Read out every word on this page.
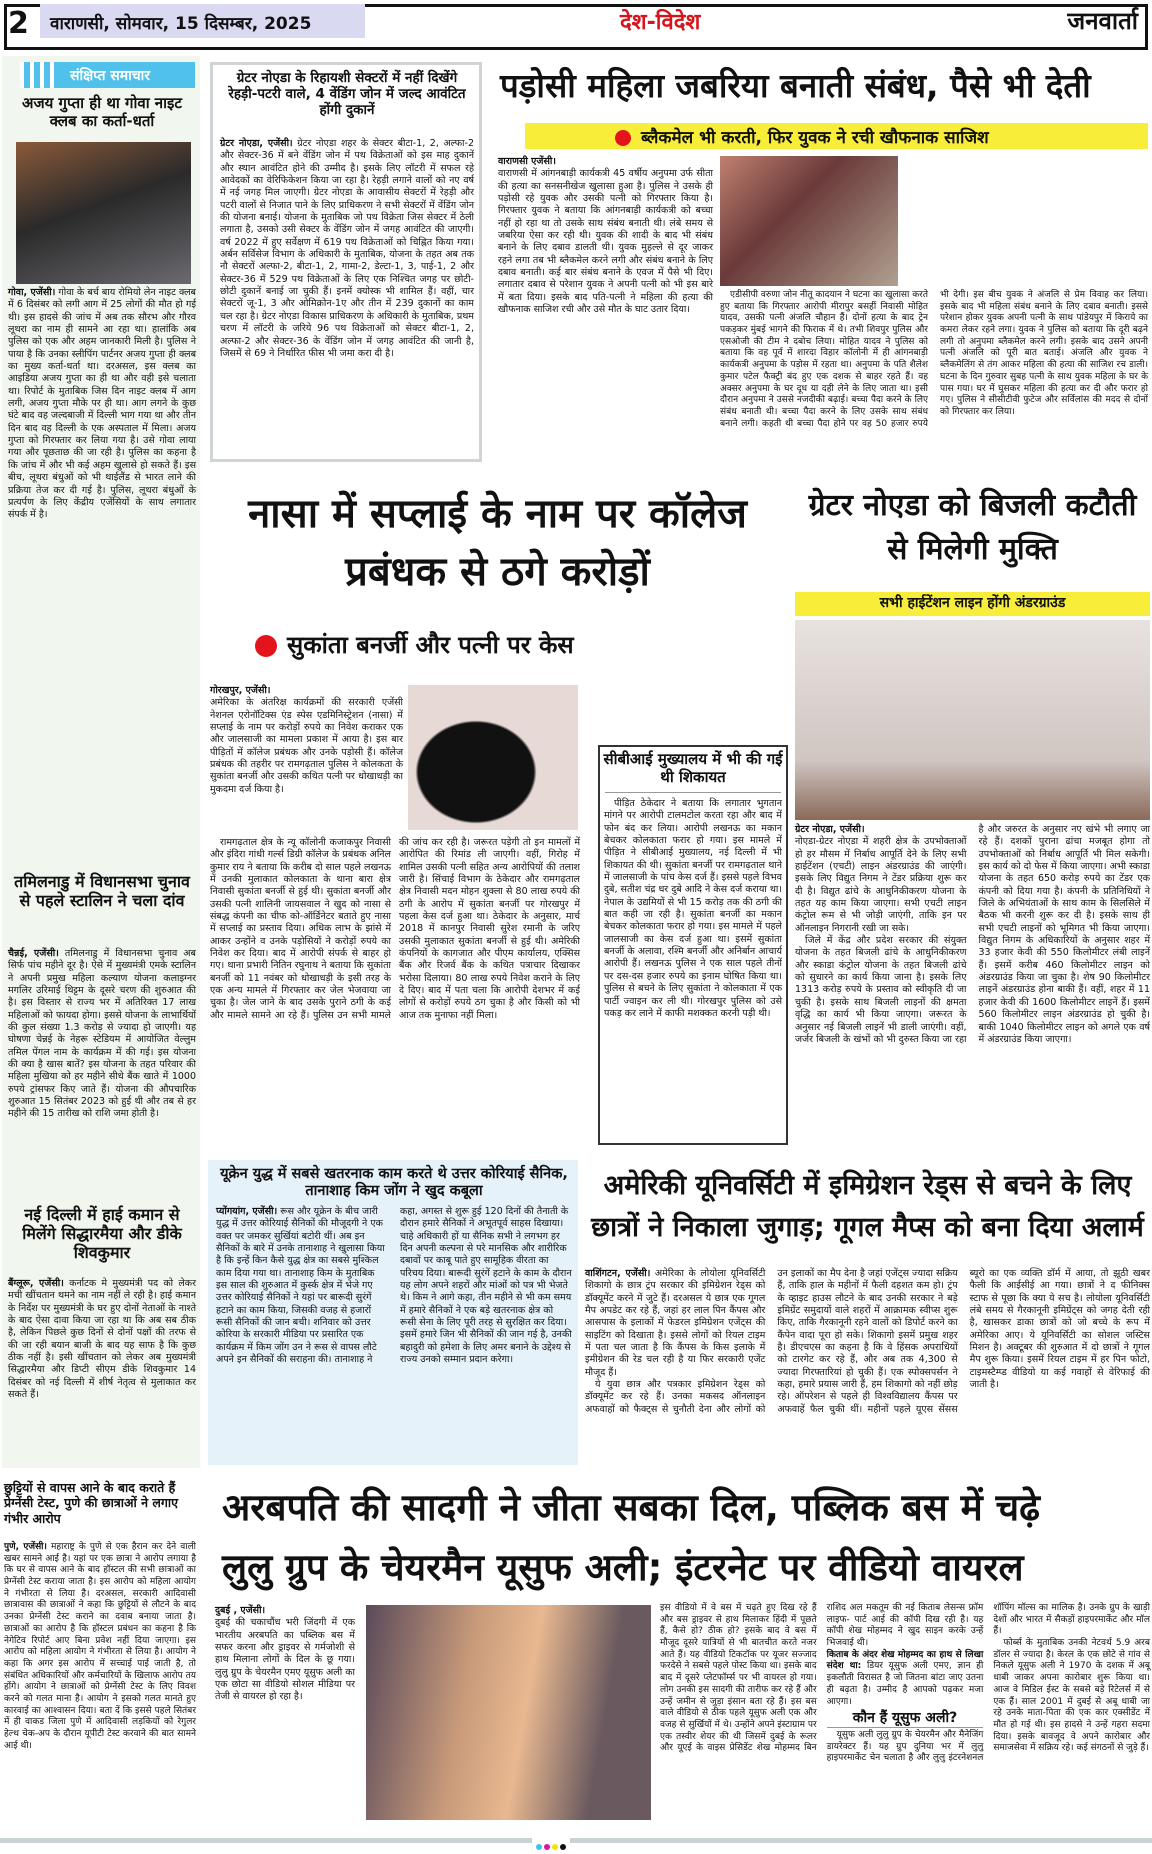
2	वाराणसी, सोमवार, 15 दिसम्बर, 2025	देश-विदेश	जनवार्ता
संक्षिप्त समाचार
अजय गुप्ता ही था गोवा नाइट क्लब का कर्ता-धर्ता

गोवा, एजेंसी। गोवा के बर्च बाय रोमियो लेन नाइट क्लब में 6 दिसंबर को लगी आग में 25 लोगों की मौत हो गई थी। इस हादसे की जांच में अब तक सौरभ और गौरव लूथरा का नाम ही सामने आ रहा था। हालांकि अब पुलिस को एक और अहम जानकारी मिली है। पुलिस ने पाया है कि उनका स्लीपिंग पार्टनर अजय गुप्ता ही क्लब का मुख्य कर्ता-धर्ता था। दरअसल, इस क्लब का आइडिया अजय गुप्ता का ही था और वही इसे चलाता था। रिपोर्ट के मुताबिक जिस दिन नाइट क्लब में आग लगी, अजय गुप्ता मौके पर ही था। आग लगने के कुछ घंटे बाद वह जल्दबाजी में दिल्ली भाग गया था और तीन दिन बाद वह दिल्ली के एक अस्पताल में मिला। अजय गुप्ता को गिरफ्तार कर लिया गया है। उसे गोवा लाया गया और पूछताछ की जा रही है। पुलिस का कहना है कि जांच में और भी कई अहम खुलासे हो सकते हैं। इस बीच, लूथरा बंधुओं को भी थाईलैंड से भारत लाने की प्रक्रिया तेज कर दी गई है। पुलिस, लूथरा बंधुओं के प्रत्यर्पण के लिए केंद्रीय एजेंसियों के साथ लगातार संपर्क में है।

तमिलनाडु में विधानसभा चुनाव से पहले स्टालिन ने चला दांव

चैन्नई, एजेंसी। तमिलनाडु में विधानसभा चुनाव अब सिर्फ पांच महीने दूर है। ऐसे में मुख्यमंत्री एमके स्टालिन ने अपनी प्रमुख महिला कल्याण योजना कलाइग्नर मगलिर उरिमाई थिट्टम के दूसरे चरण की शुरुआत की है। इस विस्तार से राज्य भर में अतिरिक्त 17 लाख महिलाओं को फायदा होगा। इससे योजना के लाभार्थियों की कुल संख्या 1.3 करोड़ से ज्यादा हो जाएगी। यह घोषणा चेन्नई के नेहरू स्टेडियम में आयोजित वेल्लुम तमिल पेंगल नाम के कार्यक्रम में की गई। इस योजना की क्या है खास बातें? इस योजना के तहत परिवार की महिला मुखिया को हर महीने सीधे बैंक खाते में 1000 रुपये ट्रांसफर किए जाते हैं। योजना की औपचारिक शुरुआत 15 सितंबर 2023 को हुई थी और तब से हर महीने की 15 तारीख को राशि जमा होती है।

नई दिल्ली में हाई कमान से मिलेंगे सिद्धारमैया और डीके शिवकुमार

बैंग्लूरू, एजेंसी। कर्नाटक मे मुख्यमंत्री पद को लेकर मची खींचतान थमने का नाम नहीं ले रही है। हाई कमान के निर्देश पर मुख्यमंत्री के घर हुए दोनों नेताओं के नाश्ते के बाद ऐसा दावा किया जा रहा था कि अब सब ठीक है, लेकिन पिछले कुछ दिनों से दोनों पक्षों की तरफ से की जा रही बयान बाजी के बाद यह साफ है कि कुछ ठीक नहीं है। इसी खींचतान को लेकर अब मुख्यमंत्री सिद्धारमैया और डिप्टी सीएम डीके शिवकुमार 14 दिसंबर को नई दिल्ली में शीर्ष नेतृत्व से मुलाकात कर सकते हैं।

छुट्टियों से वापस आने के बाद कराते हैं प्रेग्नेंसी टेस्ट, पुणे की छात्राओं ने लगाए गंभीर आरोप

पुणे, एजेंसी। महाराष्ट्र के पुणे से एक हैरान कर देने वाली खबर सामने आई है। यहां पर एक छात्रा ने आरोप लगाया है कि घर से वापस आने के बाद हॉस्टल की सभी छात्राओं का प्रेग्नेंसी टेस्ट कराया जाता है। इस आरोप को महिला आयोग ने गंभीरता से लिया है। दरअसल, सरकारी आदिवासी छात्रावास की छात्राओं ने कहा कि छुट्टियों से लौटने के बाद उनका प्रेग्नेंसी टेस्ट कराने का दवाब बनाया जाता है। छात्राओं का आरोप है कि हॉस्टल प्रबंधन का कहना है कि नेगेटिव रिपोर्ट आए बिना प्रवेश नहीं दिया जाएगा। इस आरोप को महिला आयोग ने गंभीरता से लिया है। आयोग ने कहा कि अगर इस आरोप में सच्चाई पाई जाती है, तो संबंधित अधिकारियों और कर्मचारियों के खिलाफ आरोप तय होंगे। आयोग ने छात्राओं को प्रेग्नेंसी टेस्ट के लिए विवश करने को गलत माना है। आयोग ने इसको गलत मानते हुए कारवाई का आश्वासन दिया। बता दें कि इससे पहले सितंबर में ही वाकड जिला पुणे में आदिवासी लड़कियों को रेगुलर हेल्थ चेक-अप के दौरान यूपीटी टेस्ट करवाने की बात सामने आई थी।

ग्रेटर नोएडा के रिहायशी सेक्टरों में नहीं दिखेंगे रेहड़ी-पटरी वाले, 4 वेंडिंग जोन में जल्द आवंटित होंगी दुकानें

ग्रेटर नोएडा, एजेंसी। ग्रेटर नोएडा शहर के सेक्टर बीटा-1, 2, अल्फा-2 और सेक्टर-36 में बने वेंडिंग जोन में पथ विक्रेताओं को इस माह दुकानें और स्थान आवंटित होने की उम्मीद है। इसके लिए लॉटरी में सफल रहे आवेदकों का वेरिफिकेशन किया जा रहा है। रेहड़ी लगाने वालों को नए वर्ष में नई जगह मिल जाएगी। ग्रेटर नोएडा के आवासीय सेक्टरों में रेहड़ी और पटरी वालों से निजात पाने के लिए प्राधिकरण ने सभी सेक्टरों में वेंडिंग जोन की योजना बनाई। योजना के मुताबिक जो पथ विक्रेता जिस सेक्टर में ठेली लगाता है, उसको उसी सेक्टर के वेंडिंग जोन में जगह आवंटित की जाएगी। वर्ष 2022 में हुए सर्वेक्षण में 619 पथ विक्रेताओं को चिह्नित किया गया। अर्बन सर्विसेज विभाग के अधिकारी के मुताबिक, योजना के तहत अब तक नौ सेक्टरों अल्फा-2, बीटा-1, 2, गामा-2, डेल्टा-1, 3, पाई-1, 2 और सेक्टर-36 में 529 पथ विक्रेताओं के लिए एक निश्चित जगह पर छोटी-छोटी दुकानें बनाई जा चुकी हैं। इनमें क्योस्क भी शामिल हैं। वहीं, चार सेक्टरों जू-1, 3 और ओमिक्रोन-1ए और तीन में 239 दुकानों का काम चल रहा है। ग्रेटर नोएडा विकास प्राधिकरण के अधिकारी के मुताबिक, प्रथम चरण में लॉटरी के जरिये 96 पथ विक्रेताओं को सेक्टर बीटा-1, 2, अल्फा-2 और सेक्टर-36 के वेंडिंग जोन में जगह आवंटित की जानी है, जिसमें से 69 ने निर्धारित फीस भी जमा करा दी है।

पड़ोसी महिला जबरिया बनाती संबंध, पैसे भी देती
ब्लैकमेल भी करती, फिर युवक ने रची खौफनाक साजिश

वाराणसी एजेंसी।

वाराणसी में आंगनबाड़ी कार्यकत्री 45 वर्षीय अनुपमा उर्फ सीता की हत्या का सनसनीखेज खुलासा हुआ है। पुलिस ने उसके ही पड़ोसी रहे युवक और उसकी पत्नी को गिरफ्तार किया है। गिरफ्तार युवक ने बताया कि आंगनबाड़ी कार्यकत्री को बच्चा नहीं हो रहा था तो उसके साथ संबंध बनाती थी। लंबे समय से जबरिया ऐसा कर रही थी। युवक की शादी के बाद भी संबंध बनाने के लिए दबाव डालती थी। युवक मुहल्ले से दूर जाकर रहने लगा तब भी ब्लैकमेल करने लगी और संबंध बनाने के लिए दबाव बनाती। कई बार संबंध बनाने के एवज में पैसे भी दिए। लगातार दबाव से परेशान युवक ने अपनी पत्नी को भी इस बारे में बता दिया। इसके बाद पति-पत्नी ने महिला की हत्या की खौफनाक साजिश रची और उसे मौत के घाट उतार दिया।

एडीसीपी वरुणा जोन नीतू कादयान ने घटना का खुलासा करते हुए बताया कि गिरफ्तार आरोपी मीरापुर बसहीं निवासी मोहित यादव, उसकी पत्नी अंजलि चौहान हैं। दोनों हत्या के बाद ट्रेन पकड़कर मुंबई भागने की फिराक में थे। तभी शिवपुर पुलिस और एसओजी की टीम ने दबोच लिया। मोहित यादव ने पुलिस को बताया कि वह पूर्व में शारदा विहार कॉलोनी में ही आंगनबाड़ी कार्यकत्री अनुपमा के पड़ोस में रहता था। अनुपमा के पति शैलेश कुमार पटेल फैक्ट्री बंद हुए एक दशक से बाहर रहते हैं। वह अक्सर अनुपमा के घर दूध या दही लेने के लिए जाता था। इसी दौरान अनुपमा ने उससे नजदीकी बढ़ाई। बच्चा पैदा करने के लिए संबंध बनाती थी। बच्चा पैदा करने के लिए उसके साथ संबंध बनाने लगी। कहती थी बच्चा पैदा होने पर वह 50 हजार रुपये भी देगी। इस बीच युवक ने अंजलि से प्रेम विवाह कर लिया। इसके बाद भी महिला संबंध बनाने के लिए दबाव बनाती। इससे परेशान होकर युवक अपनी पत्नी के साथ पांडेयपुर में किराये का कमरा लेकर रहने लगा। युवक ने पुलिस को बताया कि दूरी बढ़ने लगी तो अनुपमा ब्लैकमेल करने लगी। इसके बाद उसने अपनी पत्नी अंजलि को पूरी बात बताई। अंजलि और युवक ने ब्लैकमेलिंग से तंग आकर महिला की हत्या की साजिश रच डाली। घटना के दिन गुरुवार सुबह पत्नी के साथ युवक महिला के घर के पास गया। घर में घुसकर महिला की हत्या कर दी और फरार हो गए। पुलिस ने सीसीटीवी फुटेज और सर्विलांस की मदद से दोनों को गिरफ्तार कर लिया।

नासा में सप्लाई के नाम पर कॉलेज प्रबंधक से ठगे करोड़ों
सुकांता बनर्जी और पत्नी पर केस

गोरखपुर, एजेंसी।

अमेरिका के अंतरिक्ष कार्यक्रमों की सरकारी एजेंसी नेशनल एरोनॉटिक्स एंड स्पेस एडमिनिस्ट्रेशन (नासा) में सप्लाई के नाम पर करोड़ों रुपये का निवेश कराकर एक और जालसाजी का मामला प्रकाश में आया है। इस बार पीड़ितों में कॉलेज प्रबंधक और उनके पड़ोसी हैं। कॉलेज प्रबंधक की तहरीर पर रामगढ़ताल पुलिस ने कोलकता के सुकांता बनर्जी और उसकी कथित पत्नी पर धोखाधड़ी का मुकदमा दर्ज किया है।

रामगढ़ताल क्षेत्र के न्यू कॉलोनी कजाकपुर निवासी और इंदिरा गांधी गर्ल्स डिग्री कॉलेज के प्रबंधक अनिल कुमार राय ने बताया कि करीब दो साल पहले लखनऊ में उनकी मुलाकात कोलकाता के थाना बारा क्षेत्र निवासी सुकांता बनर्जी से हुई थी। सुकांता बनर्जी और उसकी पत्नी शालिनी जायसवाल ने खुद को नासा से संबद्ध कंपनी का चीफ को-ऑर्डिनेटर बताते हुए नासा में सप्लाई का प्रस्ताव दिया। अधिक लाभ के झांसे में आकर उन्होंने व उनके पड़ोसियों ने करोड़ों रुपये का निवेश कर दिया। बाद में आरोपी संपर्क से बाहर हो गए। थाना प्रभारी नितिन रघुनाथ ने बताया कि सुकांता बनर्जी को 11 नवंबर को धोखाधड़ी के इसी तरह के एक अन्य मामले में गिरफ्तार कर जेल भेजवाया जा चुका है। जेल जाने के बाद उसके पुराने ठगी के कई और मामले सामने आ रहे हैं। पुलिस उन सभी मामले की जांच कर रही है। जरूरत पड़ेगी तो इन मामलों में आरोपित की रिमांड ली जाएगी। वहीं, गिरोह में शामिल उसकी पत्नी सहित अन्य आरोपियों की तलाश जारी है। सिंचाई विभाग के ठेकेदार और रामगढ़ताल क्षेत्र निवासी मदन मोहन शुक्ला से 80 लाख रुपये की ठगी के आरोप में सुकांता बनर्जी पर गोरखपुर में पहला केस दर्ज हुआ था। ठेकेदार के अनुसार, मार्च 2018 में कानपुर निवासी सुरेश रमानी के जरिए उसकी मुलाकात सुकांता बनर्जी से हुई थी। अमेरिकी कंपनियों के कागजात और पीएम कार्यालय, एक्सिस बैंक और रिजर्व बैंक के कथित पत्राचार दिखाकर भरोसा दिलाया। 80 लाख रुपये निवेश कराने के लिए दे दिए। बाद में पता चला कि आरोपी देशभर में कई लोगों से करोड़ों रुपये ठग चुका है और किसी को भी आज तक मुनाफा नहीं मिला।

सीबीआई मुख्यालय में भी की गई थी शिकायत

पीड़ित ठेकेदार ने बताया कि लगातार भुगतान मांगने पर आरोपी टालमटोल करता रहा और बाद में फोन बंद कर लिया। आरोपी लखनऊ का मकान बेचकर कोलकाता फरार हो गया। इस मामले में पीड़ित ने सीबीआई मुख्यालय, नई दिल्ली में भी शिकायत की थी। सुकांता बनर्जी पर रामगढ़ताल थाने में जालसाजी के पांच केस दर्ज हैं। इससे पहले विभव दुबे, सतीश चंद्र धर दुबे आदि ने केस दर्ज कराया था। नेपाल के उद्यमियों से भी 15 करोड़ तक की ठगी की बात कही जा रही है। सुकांता बनर्जी का मकान बेचकर कोलकाता फरार हो गया। इस मामले में पहले जालसाजी का केस दर्ज हुआ था। इसमें सुकांता बनर्जी के अलावा, रश्मि बनर्जी और अनिर्बान आचार्य आरोपी हैं। लखनऊ पुलिस ने एक साल पहले तीनों पर दस-दस हजार रुपये का इनाम घोषित किया था। पुलिस से बचने के लिए सुकांता ने कोलकाता में एक पार्टी ज्वाइन कर ली थी। गोरखपुर पुलिस को उसे पकड़ कर लाने में काफी मशक्कत करनी पड़ी थी।

ग्रेटर नोएडा को बिजली कटौती से मिलेगी मुक्ति
सभी हाईटेंशन लाइन होंगी अंडरग्राउंड

ग्रेटर नोएडा, एजेंसी।

नोएडा-ग्रेटर नोएडा में शहरी क्षेत्र के उपभोक्ताओं हो हर मौसम में निर्बाध आपूर्ति देने के लिए सभी हाईटेंशन (एचटी) लाइन अंडरग्राउंड की जाएंगी। इसके लिए विद्युत निगम ने टेंडर प्रक्रिया शुरू कर दी है। विद्युत ढांचे के आधुनिकीकरण योजना के तहत यह काम किया जाएगा। सभी एचटी लाइन कंट्रोल रूम से भी जोड़ी जाएंगी, ताकि इन पर ऑनलाइन निगरानी रखी जा सके।

जिले में केंद्र और प्रदेश सरकार की संयुक्त योजना के तहत बिजली ढांचे के आधुनिकीकरण और स्काडा कंट्रोल योजना के तहत बिजली ढांचे को सुधारने का कार्य किया जाना है। इसके लिए 1313 करोड़ रुपये के प्रस्ताव को स्वीकृति दी जा चुकी है। इसके साथ बिजली लाइनों की क्षमता वृद्धि का कार्य भी किया जाएगा। जरूरत के अनुसार नई बिजली लाइनें भी डाली जाएंगी। वहीं, जर्जर बिजली के खंभों को भी दुरुस्त किया जा रहा है और जरुरत के अनुसार नए खंभे भी लगाए जा रहे हैं। दशकों पुराना ढांचा मजबूत होगा तो उपभोक्ताओं को निर्बाध आपूर्ति भी मिल सकेगी। इस कार्य को दो फेस में किया जाएगा। अभी स्काडा योजना के तहत 650 करोड़ रुपये का टेंडर एक कंपनी को दिया गया है। कंपनी के प्रतिनिधियों ने जिले के अभियंताओं के साथ काम के सिलसिले में बैठक भी करनी शुरू कर दी है। इसके साथ ही सभी एचटी लाइनों को भूमिगत भी किया जाएगा। विद्युत निगम के अधिकारियों के अनुसार शहर में 33 हजार केवी की 550 किलोमीटर लंबी लाइनें हैं। इसमें करीब 460 किलोमीटर लाइन को अंडरग्राउंड किया जा चुका है। शेष 90 किलोमीटर लाइनें अंडरग्राउंड होना बाकी हैं। वहीं, शहर में 11 हजार केवी की 1600 किलोमीटर लाइनें हैं। इसमें 560 किलोमीटर लाइन अंडरग्राउंड हो चुकी है। बाकी 1040 किलोमीटर लाइन को अगले एक वर्ष में अंडरग्राउंड किया जाएगा।

यूक्रेन युद्ध में सबसे खतरनाक काम करते थे उत्तर कोरियाई सैनिक, तानाशाह किम जोंग ने खुद कबूला

प्योंगयांग, एजेंसी। रूस और यूक्रेन के बीच जारी युद्ध में उत्तर कोरियाई सैनिकों की मौजूदगी ने एक वक्त पर जमकर सुर्खियां बटोरी थीं। अब इन सैनिकों के बारे में उनके तानाशाह ने खुलासा किया है कि इन्हें किन कैसे युद्ध क्षेत्र का सबसे मुश्किल काम दिया गया था। तानाशाह किम के मुताबिक इस साल की शुरुआत में कुर्स्क क्षेत्र में भेजे गए उत्तर कोरियाई सैनिकों ने यहां पर बारूदी सुरंगें हटाने का काम किया, जिसकी वजह से हजारों रूसी सैनिकों की जान बची। शनिवार को उत्तर कोरिया के सरकारी मीडिया पर प्रसारित एक कार्यक्रम में किम जोंग उन ने रूस से वापस लौटे अपने इन सैनिकों की सराहना की। तानाशाह ने कहा, अगस्त से शुरू हुई 120 दिनों की तैनाती के दौरान हमारे सैनिकों ने अभूतपूर्व साहस दिखाया। चाहे अधिकारी हों या सैनिक सभी ने लगभग हर दिन अपनी कल्पना से परे मानसिक और शारीरिक दबावों पर काबू पाते हुए सामूहिक वीरता का परिचय दिया। बारूदी सुरंगें हटाने के काम के दौरान यह लोग अपने शहरों और मांओं को पत्र भी भेजते थे। किम ने आगे कहा, तीन महीने से भी कम समय में हमारे सैनिकों ने एक बड़े खतरनाक क्षेत्र को रूसी सेना के लिए पूरी तरह से सुरक्षित कर दिया। इसमें हमारे जिन भी सैनिकों की जान गई है, उनकी बहादुरी को हमेशा के लिए अमर बनाने के उद्देश्य से राज्य उनको सम्मान प्रदान करेगा।

अमेरिकी यूनिवर्सिटी में इमिग्रेशन रेड्स से बचने के लिए छात्रों ने निकाला जुगाड़; गूगल मैप्स को बना दिया अलार्म

वाशिंगटन, एजेंसी। अमेरिका के लोयोला यूनिवर्सिटी शिकागो के छात्र ट्रंप सरकार की इमिग्रेशन रेड्स को डॉक्यूमेंट करने में जुटे हैं। दरअसल ये छात्र एक गूगल मैप अपडेट कर रहे हैं, जहां हर लाल पिन कैंपस और आसपास के इलाकों में फेडरल इमिग्रेशन एजेंट्स की साइटिंग को दिखाता है। इससे लोगों को रियल टाइम में पता चल जाता है कि कैंपस के किस इलाके में इमीग्रेशन की रेड चल रही है या फिर सरकारी एजेंट मौजूद हैं।

ये युवा छात्र और पत्रकार इमिग्रेशन रेड्स को डॉक्यूमेंट कर रहे हैं। उनका मकसद ऑनलाइन अफवाहों को फैक्ट्स से चुनौती देना और लोगों को उन इलाकों का मैप देना है जहां एजेंट्स ज्यादा सक्रिय हैं, ताकि हाल के महीनों में फैली दहशत कम हो। ट्रंप के व्हाइट हाउस लौटने के बाद उनकी सरकार ने बड़े इमिग्रेंट समुदायों वाले शहरों में आक्रामक स्वीप्स शुरू किए, ताकि गैरकानूनी रहने वालों को डिपोर्ट करने का कैंपेन वादा पूरा हो सके। शिकागो इसमें प्रमुख शहर है। डीएचएस का कहना है कि वे हिंसक अपराधियों को टारगेट कर रहे हैं, और अब तक 4,300 से ज्यादा गिरफ्तारियां हो चुकी हैं। एक स्पोक्सपर्सन ने कहा, हमारे प्रयास जारी हैं, हम शिकागो को नहीं छोड़ रहे। ऑपरेशन से पहले ही विश्वविद्यालय कैंपस पर अफवाहें फैल चुकी थीं। महीनों पहले यूएस सेंसस ब्यूरो का एक व्यक्ति डॉर्म में आया, तो झूठी खबर फैली कि आईसीई आ गया। छात्रों ने द फीनिक्स स्टाफ से पूछा कि क्या ये सच है। लोयोला यूनिवर्सिटी लंबे समय से गैरकानूनी इमिग्रेंट्स को जगह देती रही है, खासकर डाका छात्रों को जो बच्चे के रूप में अमेरिका आए। ये यूनिवर्सिटी का सोशल जस्टिस मिशन है। अक्टूबर की शुरुआत में दो छात्रों ने गूगल मैप शुरू किया। इसमें रियल टाइम में हर पिन फोटो, टाइमस्टैम्प्ड वीडियो या कई गवाहों से वेरिफाई की जाती है।

अरबपति की सादगी ने जीता सबका दिल, पब्लिक बस में चढ़े
लुलु ग्रुप के चेयरमैन यूसुफ अली; इंटरनेट पर वीडियो वायरल

दुबई , एजेंसी।

दुबई की चकाचौंध भरी जिंदगी में एक भारतीय अरबपति का पब्लिक बस में सफर करना और ड्राइवर से गर्मजोशी से हाथ मिलाना लोगों के दिल के छू गया। लुलु ग्रुप के चेयरमैन एमए यूसुफ अली का एक छोटा सा वीडियो सोशल मीडिया पर तेजी से वायरल हो रहा है।

इस वीडियो में वे बस में चढ़ते हुए दिख रहे हैं और बस ड्राइवर से हाथ मिलाकर हिंदी में पूछते हैं, कैसे हो? ठीक हो? इसके बाद वे बस में मौजूद दूसरे यात्रियों से भी बातचीत करते नजर आते हैं। यह वीडियो टिकटॉक पर यूजर सज्जाद फरदेसे ने सबसे पहले पोस्ट किया था। इसके बाद बाद में दूसरे प्लेटफॉर्म्स पर भी वायरल हो गया। लोग उनकी इस सादगी की तारीफ कर रहे हैं और उन्हें जमीन से जुड़ा इंसान बता रहे हैं। इस बस वाले वीडियो से ठीक पहले यूसुफ अली एक और वजह से सुर्खियों में थे। उन्होंने अपने इंस्टाग्राम पर एक तस्वीर शेयर की थी जिसमें दुबई के रूलर और यूएई के वाइस प्रेसिडेंट शेख मोहम्मद बिन राशिद अल मकतूम की नई किताब लेसन्स फ्रॉम लाइफ- पार्ट आई की कॉपी दिख रही है। यह कॉपी शेख मोहम्मद ने खुद साइन करके उन्हें भिजवाई थी।

किताब के अंदर शेख मोहम्मद का हाथ से लिखा संदेश था: डियर यूसुफ अली एमए, ज्ञान ही इकलौती विरासत है जो जितना बांटा जाए उतना ही बढ़ता है। उम्मीद है आपको पढ़कर मजा आएगा।

कौन हैं यूसुफ अली?

यूसुफ अली लुलु ग्रुप के चेयरमैन और मैनेजिंग डायरेक्टर हैं। यह ग्रुप दुनिया भर में लुलु हाइपरमार्केट चेन चलाता है और लुलु इंटरनेशनल शॉपिंग मॉल्स का मालिक है। उनके ग्रुप के खाड़ी देशों और भारत में सैकड़ों हाइपरमार्केट और मॉल हैं।

फोर्ब्स के मुताबिक उनकी नेटवर्थ 5.9 अरब डॉलर से ज्यादा है। केरल के एक छोटे से गांव से निकले यूसुफ अली ने 1970 के दशक में अबू धाबी जाकर अपना कारोबार शुरू किया था। आज वे मिडिल ईस्ट के सबसे बड़े रिटेलर्स में से एक हैं। साल 2001 में दुबई से अबू धाबी जा रहे उनके माता-पिता की एक कार एक्सीडेंट में मौत हो गई थी। इस हादसे ने उन्हें गहरा सदमा दिया। इसके बावजूद वे अपने कारोबार और समाजसेवा में सक्रिय रहे। कई संगठनों से जुड़े हैं।
